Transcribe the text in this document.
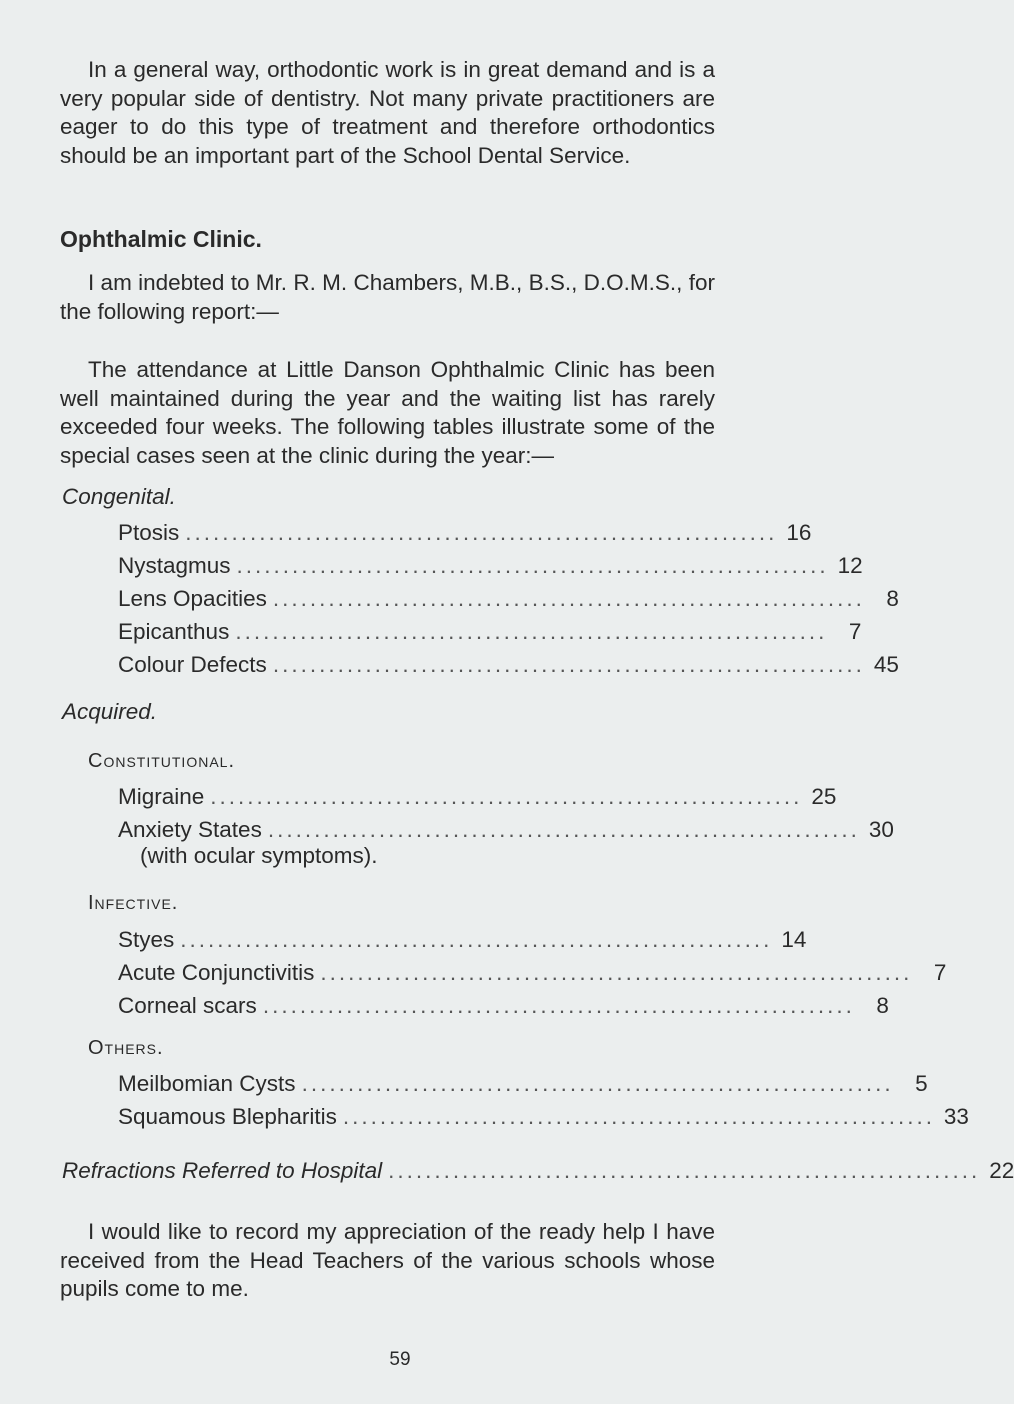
In a general way, orthodontic work is in great demand and is a very popular side of dentistry. Not many private practitioners are eager to do this type of treatment and therefore orthodontics should be an important part of the School Dental Service.

Ophthalmic Clinic.

I am indebted to Mr. R. M. Chambers, M.B., B.S., D.O.M.S., for the following report:—

The attendance at Little Danson Ophthalmic Clinic has been well maintained during the year and the waiting list has rarely exceeded four weeks. The following tables illustrate some of the special cases seen at the clinic during the year:—

Congenital.

Ptosis ................................................................ 16
Nystagmus ................................................................ 12
Lens Opacities ................................................................ 8
Epicanthus ................................................................ 7
Colour Defects ................................................................ 45

Acquired.

Constitutional.

Migraine ................................................................ 25
Anxiety States ................................................................ 30

(with ocular symptoms).

Infective.

Styes ................................................................ 14
Acute Conjunctivitis ................................................................ 7
Corneal scars ................................................................ 8

Others.

Meilbomian Cysts ................................................................ 5
Squamous Blepharitis ................................................................ 33
Refractions Referred to Hospital ................................................................ 22

I would like to record my appreciation of the ready help I have received from the Head Teachers of the various schools whose pupils come to me.

59
